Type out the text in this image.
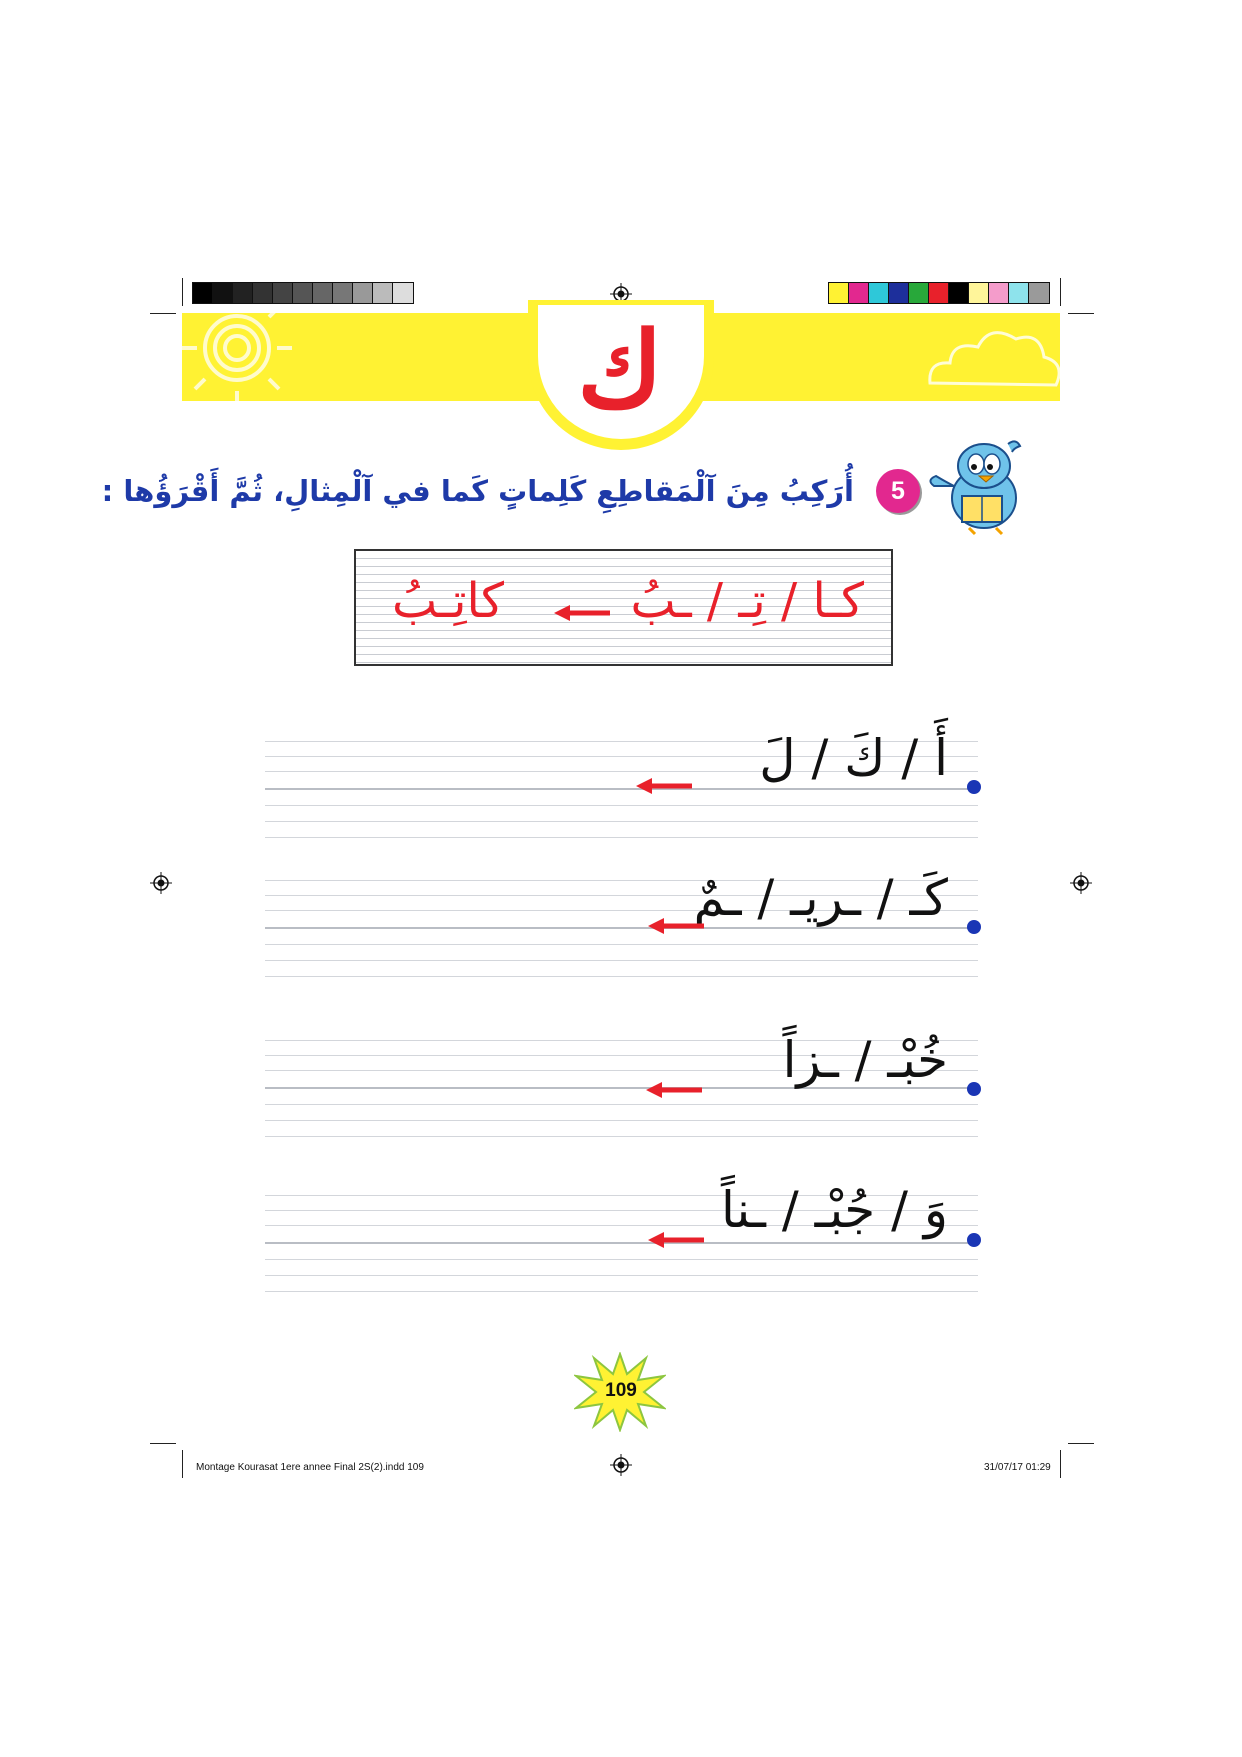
ك
5
أُرَكِبُ مِنَ آلْمَقاطِعِ كَلِماتٍ كَما في آلْمِثالِ، ثُمَّ أَقْرَؤُها :
كـا / تِـ / ـبُ
كاتِـبُ
أَ / كَ / لَ
كَـ / ـريـ / ـمٌ
خُبْـ / ـزاً
وَ / جُبْـ / ـناً
109
Montage Kourasat 1ere annee Final 2S(2).indd 109	31/07/17 01:29
